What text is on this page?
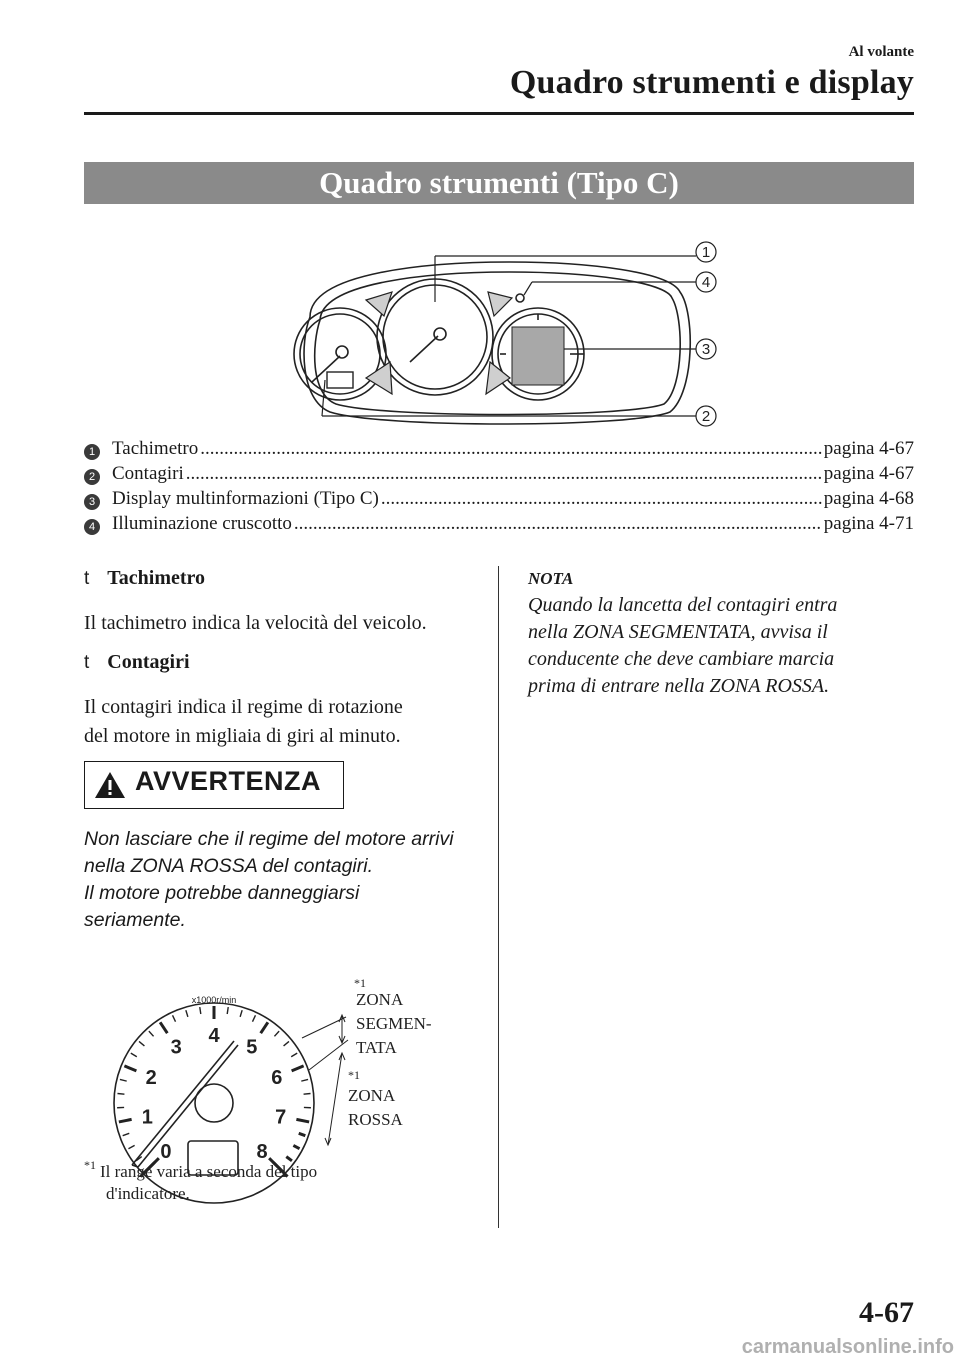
Al volante
Quadro strumenti e display
Quadro strumenti (Tipo C)
1
4
3
2
1 Tachimetro .....	pagina 4-67
2 Contagiri .....	pagina 4-67
3 Display multinformazioni (Tipo C) .....	pagina 4-68
4 Illuminazione cruscotto .....	pagina 4-71
t Tachimetro
Il tachimetro indica la velocità del veicolo.
t Contagiri
Il contagiri indica il regime di rotazione
del motore in migliaia di giri al minuto.
AVVERTENZA
Non lasciare che il regime del motore arrivi
nella ZONA ROSSA del contagiri.
Il motore potrebbe danneggiarsi
seriamente.
0
1
2
3
4
5
6
7
8
x1000r/min
*1
ZONA
SEGMEN-
TATA
*1
ZONA
ROSSA
*1 Il range varia a seconda del tipo
d'indicatore.
NOTA
Quando la lancetta del contagiri entra
nella ZONA SEGMENTATA, avvisa il
conducente che deve cambiare marcia
prima di entrare nella ZONA ROSSA.
4-67
carmanualsonline.info
